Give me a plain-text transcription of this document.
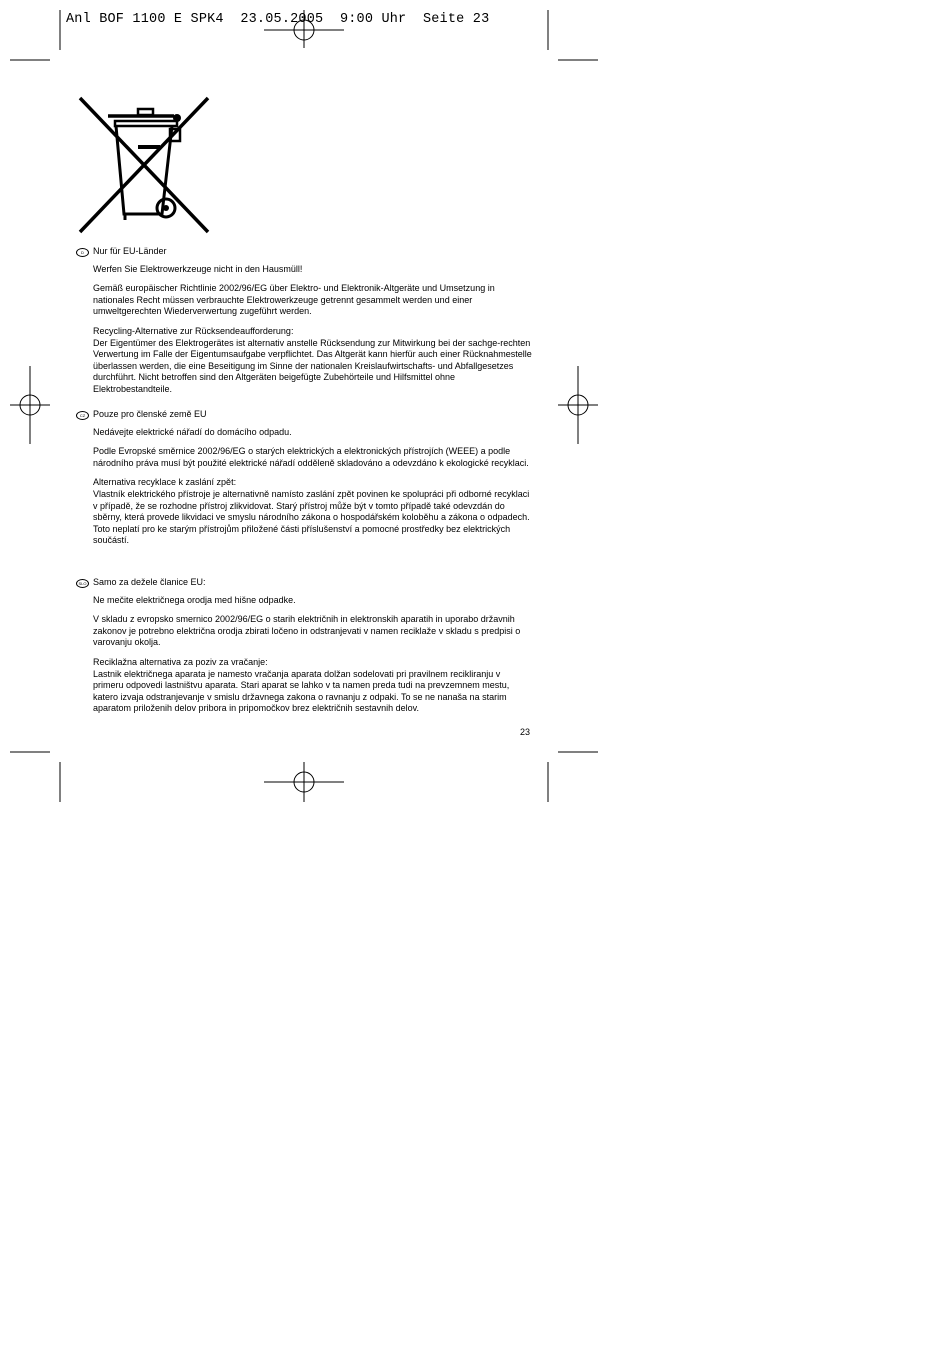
Anl BOF 1100 E SPK4  23.05.2005  9:00 Uhr  Seite 23
D	Nur für EU-Länder

Werfen Sie Elektrowerkzeuge nicht in den Hausmüll!

Gemäß europäischer Richtlinie 2002/96/EG über Elektro- und Elektronik-Altgeräte und Umsetzung in nationales Recht müssen verbrauchte Elektrowerkzeuge getrennt gesammelt werden und einer umweltgerechten Wiederverwertung zugeführt werden.

Recycling-Alternative zur Rücksendeaufforderung:

Der Eigentümer des Elektrogerätes ist alternativ anstelle Rücksendung zur Mitwirkung bei der sachge-rechten Verwertung im Falle der Eigentumsaufgabe verpflichtet. Das Altgerät kann hierfür auch einer Rücknahmestelle überlassen werden, die eine Beseitigung im Sinne der nationalen Kreislaufwirtschafts- und Abfallgesetzes durchführt. Nicht betroffen sind den Altgeräten beigefügte Zubehörteile und Hilfsmittel ohne Elektrobestandteile.

CZ Pouze pro členské země EU

Nedávejte elektrické nářadí do domácího odpadu.

Podle Evropské směrnice 2002/96/EG o starých elektrických a elektronických přístrojích (WEEE) a podle národního práva musí být použité elektrické nářadí odděleně skladováno a odevzdáno k ekologické recyklaci.

Alternativa recyklace k zaslání zpět:

Vlastník elektrického přístroje je alternativně namísto zaslání zpět povinen ke spolupráci při odborné recyklaci v případě, že se rozhodne přístroj zlikvidovat. Starý přístroj může být v tomto případě také odevzdán do sběrny, která provede likvidaci ve smyslu národního zákona o hospodářském koloběhu a zákona o odpadech. Toto neplatí pro ke starým přístrojům přiložené části příslušenství a pomocné prostředky bez elektrických součástí.

SLO Samo za dežele članice EU:

Ne mečite električnega orodja med hišne odpadke.

V skladu z evropsko smernico 2002/96/EG o starih električnih in elektronskih aparatih in uporabo državnih zakonov je potrebno električna orodja zbirati ločeno in odstranjevati v namen reciklaže v skladu s predpisi o varovanju okolja.

Reciklažna alternativa za poziv za vračanje:

Lastnik električnega aparata je namesto vračanja aparata dolžan sodelovati pri pravilnem recikliranju v primeru odpovedi lastništvu aparata. Stari aparat se lahko v ta namen preda tudi na prevzemnem mestu, katero izvaja odstranjevanje v smislu državnega zakona o ravnanju z odpaki. To se ne nanaša na starim aparatom priloženih delov pribora in pripomočkov brez električnih sestavnih delov.

23
